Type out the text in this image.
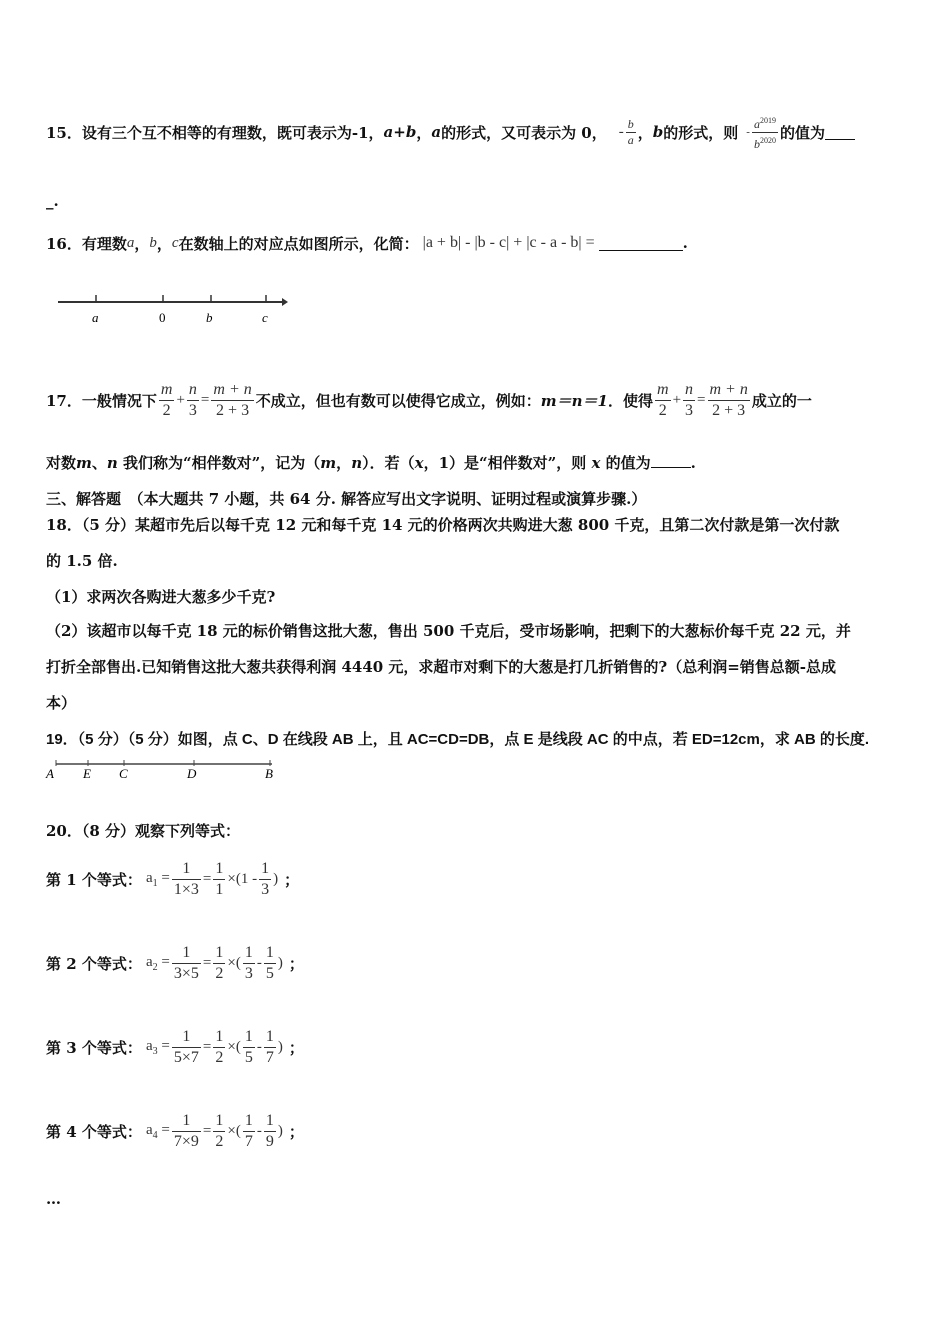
15． 设有三个互不相等的有理数，既可表示为-1， a+b ， a 的形式，又可表示为 0， - $\frac{b}{a}$ ， b 的形式，则 - $\frac{a^{2019}}{b^{2020}}$ 的值为
_.
16． 有理数 a ， b ， c 在数轴上的对应点如图所示，化简： |a + b| - |b - c| + |c - a - b| =	.
a	0	b	c
17． 一般情况下 $\frac{m}{2} + \frac{n}{3} = \frac{m + n}{2 + 3}$ 不成立，但也有数可以使得它成立，例如： m＝n＝1 ．使得 $\frac{m}{2} + \frac{n}{3} = \frac{m + n}{2 + 3}$ 成立的一
对数m、n 我们称为“相伴数对”，记为（m，n）．若（x，1）是“相伴数对”，则 x 的值为	.
三、解答题　（本大题共 7 小题，共 64 分. 解答应写出文字说明、证明过程或演算步骤.）
18．（5 分）某超市先后以每千克 12 元和每千克 14 元的价格两次共购进大葱 800 千克，且第二次付款是第一次付款
的 1.5 倍.
（1）求两次各购进大葱多少千克?
（2）该超市以每千克 18 元的标价销售这批大葱，售出 500 千克后，受市场影响，把剩下的大葱标价每千克 22 元，并
打折全部售出.已知销售这批大葱共获得利润 4440 元，求超市对剩下的大葱是打几折销售的?（总利润=销售总额-总成
本）
19．（5 分）（5 分）如图，点 C、D 在线段 AB 上，且 AC=CD=DB，点 E 是线段 AC 的中点，若 ED=12cm，求 AB 的长度.
A E C	D	B
20．（8 分）观察下列等式：
第 1 个等式： $a_1 = \frac{1}{1\times 3} = \frac{1}{1}$ ×( $1 - \frac{1}{3}$ ) ；
第 2 个等式： $a_2 = \frac{1}{3\times 5} = \frac{1}{2}$ ×( $\frac{1}{3} - \frac{1}{5}$ ) ；
第 3 个等式： $a_3 = \frac{1}{5\times 7} = \frac{1}{2}$ ×( $\frac{1}{5} - \frac{1}{7}$ ) ；
第 4 个等式： $a_4 = \frac{1}{7\times 9} = \frac{1}{2}$ ×( $\frac{1}{7} - \frac{1}{9}$ ) ；
…
